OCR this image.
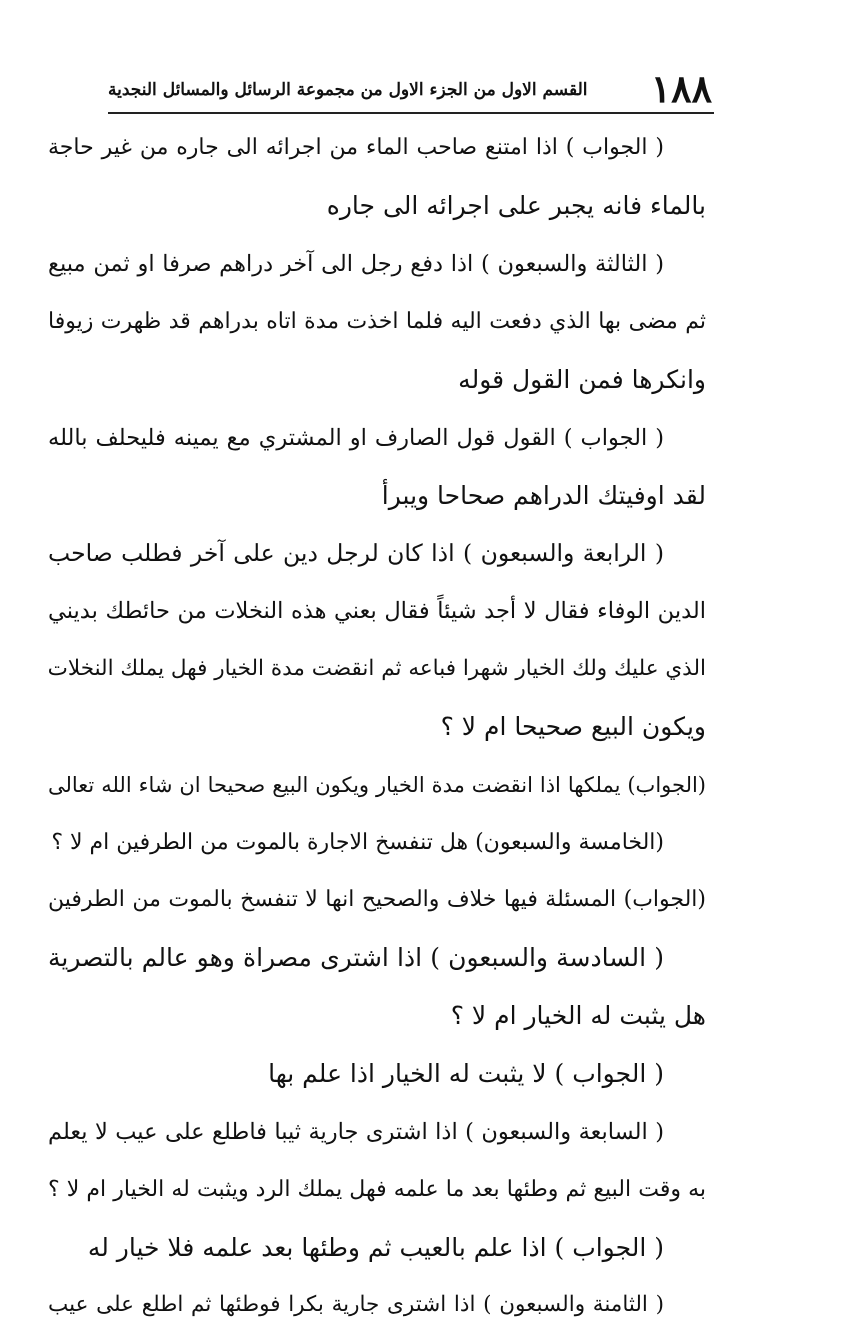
١٨٨
القسم الاول من الجزء الاول من مجموعة الرسائل والمسائل النجدية
( الجواب ) اذا امتنع صاحب الماء من اجرائه الى جاره من غير حاجة
بالماء فانه يجبر على اجرائه الى جاره
( الثالثة والسبعون ) اذا دفع رجل الى آخر دراهم صرفا او ثمن مبيع
ثم مضى بها الذي دفعت اليه فلما اخذت مدة اتاه بدراهم قد ظهرت زيوفا
وانكرها فمن القول قوله
( الجواب ) القول قول الصارف او المشتري مع يمينه فليحلف بالله
لقد اوفيتك الدراهم صحاحا ويبرأ
( الرابعة والسبعون ) اذا كان لرجل دين على آخر فطلب صاحب
الدين الوفاء فقال لا أجد شيئاً فقال بعني هذه النخلات من حائطك بديني
الذي عليك ولك الخيار شهرا فباعه ثم انقضت مدة الخيار فهل يملك النخلات
ويكون البيع صحيحا ام لا ؟
(الجواب) يملكها اذا انقضت مدة الخيار ويكون البيع صحيحا ان شاء الله تعالى
(الخامسة والسبعون) هل تنفسخ الاجارة بالموت من الطرفين ام لا ؟
(الجواب) المسئلة فيها خلاف والصحيح انها لا تنفسخ بالموت من الطرفين
( السادسة والسبعون ) اذا اشترى مصراة وهو عالم بالتصرية
هل يثبت له الخيار ام لا ؟
( الجواب ) لا يثبت له الخيار اذا علم بها
( السابعة والسبعون ) اذا اشترى جارية ثيبا فاطلع على عيب لا يعلم
به وقت البيع ثم وطئها بعد ما علمه فهل يملك الرد ويثبت له الخيار ام لا ؟
( الجواب ) اذا علم بالعيب ثم وطئها بعد علمه فلا خيار له
( الثامنة والسبعون ) اذا اشترى جارية بكرا فوطئها ثم اطلع على عيب
